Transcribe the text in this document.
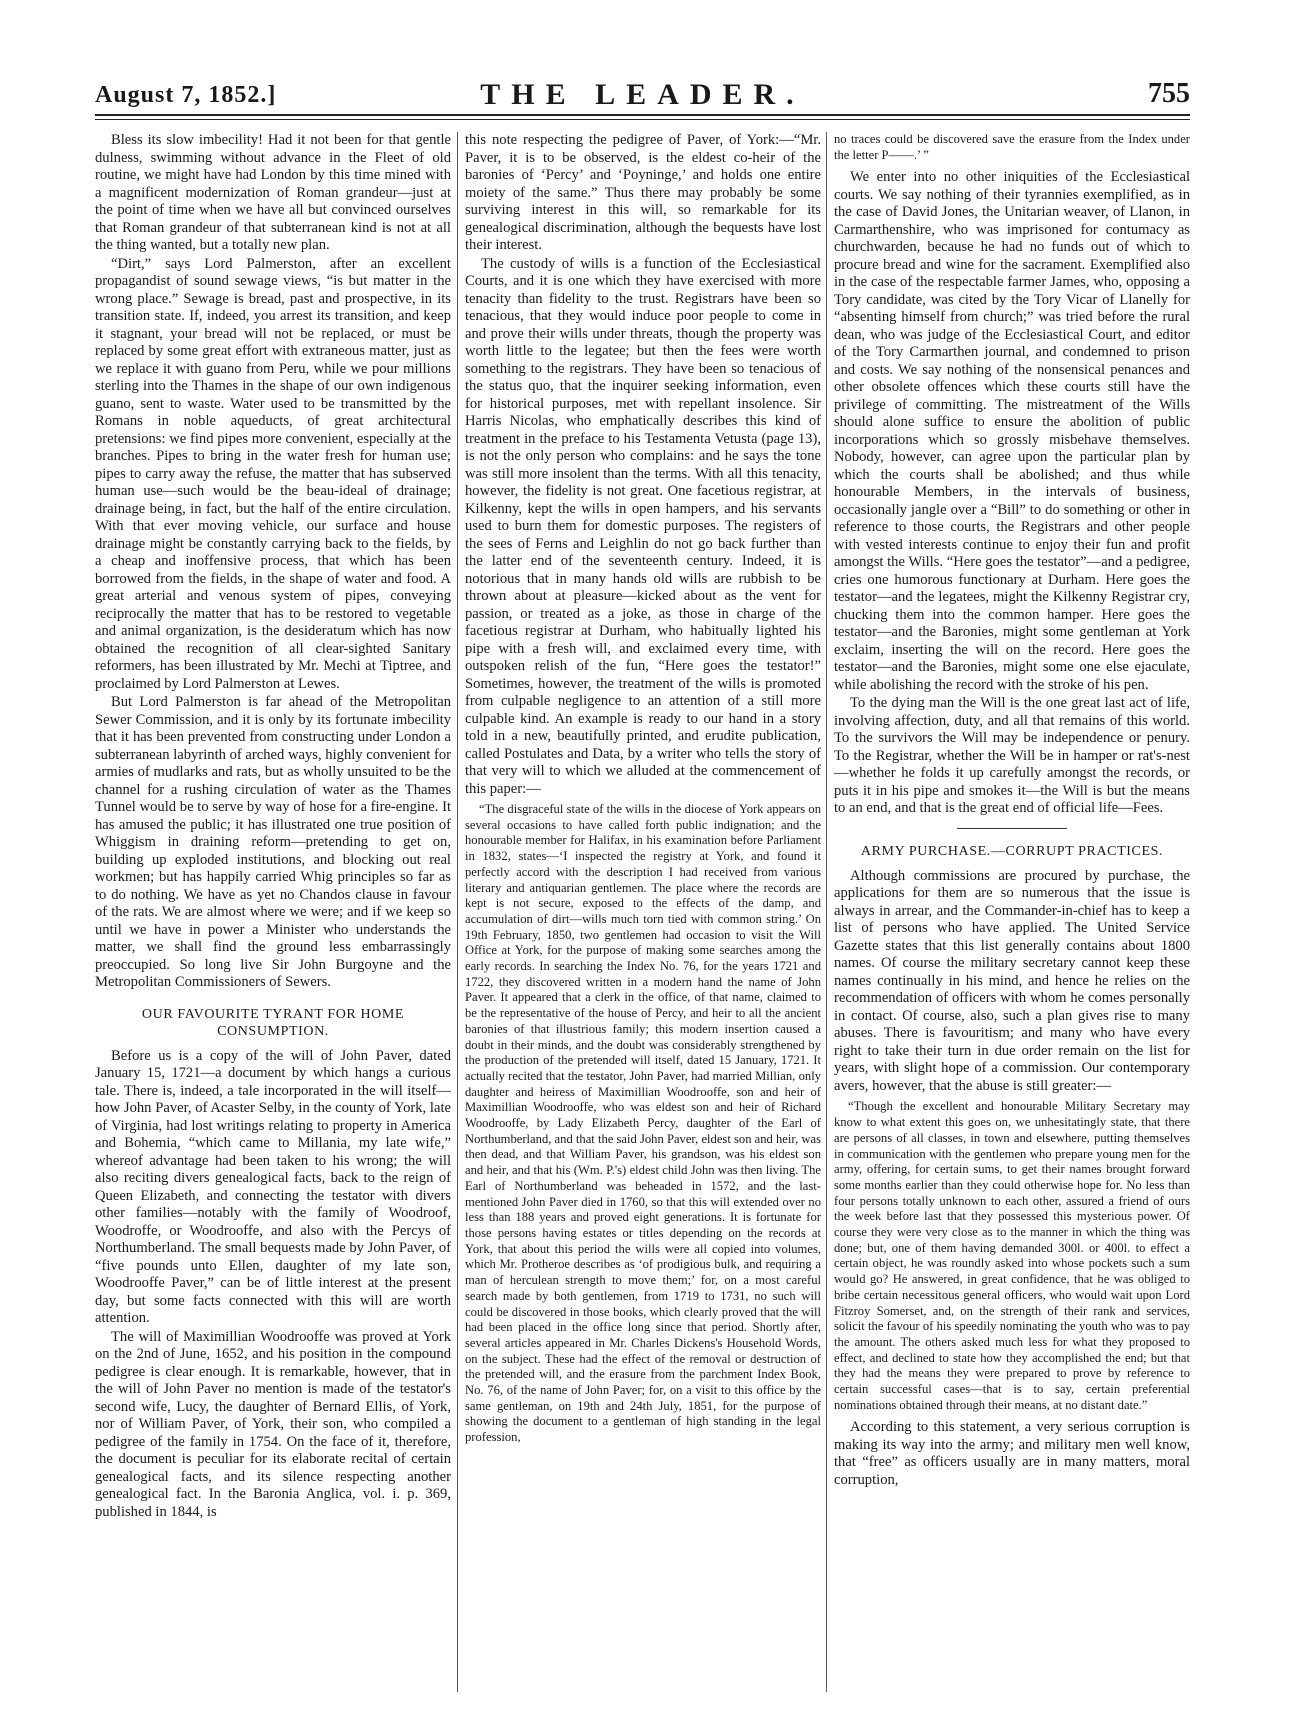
August 7, 1852.]	THE LEADER.	755

Bless its slow imbecility! Had it not been for that gentle dulness, swimming without advance in the Fleet of old routine, we might have had London by this time mined with a magnificent modernization of Roman grandeur—just at the point of time when we have all but convinced ourselves that Roman grandeur of that subterranean kind is not at all the thing wanted, but a totally new plan.

“Dirt,” says Lord Palmerston, after an excellent propagandist of sound sewage views, “is but matter in the wrong place.” Sewage is bread, past and prospective, in its transition state. If, indeed, you arrest its transition, and keep it stagnant, your bread will not be replaced, or must be replaced by some great effort with extraneous matter, just as we replace it with guano from Peru, while we pour millions sterling into the Thames in the shape of our own indigenous guano, sent to waste. Water used to be transmitted by the Romans in noble aqueducts, of great architectural pretensions: we find pipes more convenient, especially at the branches. Pipes to bring in the water fresh for human use; pipes to carry away the refuse, the matter that has subserved human use—such would be the beau-ideal of drainage; drainage being, in fact, but the half of the entire circulation. With that ever moving vehicle, our surface and house drainage might be constantly carrying back to the fields, by a cheap and inoffensive process, that which has been borrowed from the fields, in the shape of water and food. A great arterial and venous system of pipes, conveying reciprocally the matter that has to be restored to vegetable and animal organization, is the desideratum which has now obtained the recognition of all clear-sighted Sanitary reformers, has been illustrated by Mr. Mechi at Tiptree, and proclaimed by Lord Palmerston at Lewes.

But Lord Palmerston is far ahead of the Metropolitan Sewer Commission, and it is only by its fortunate imbecility that it has been prevented from constructing under London a subterranean labyrinth of arched ways, highly convenient for armies of mudlarks and rats, but as wholly unsuited to be the channel for a rushing circulation of water as the Thames Tunnel would be to serve by way of hose for a fire-engine. It has amused the public; it has illustrated one true position of Whiggism in draining reform—pretending to get on, building up exploded institutions, and blocking out real workmen; but has happily carried Whig principles so far as to do nothing. We have as yet no Chandos clause in favour of the rats. We are almost where we were; and if we keep so until we have in power a Minister who understands the matter, we shall find the ground less embarrassingly preoccupied. So long live Sir John Burgoyne and the Metropolitan Commissioners of Sewers.

OUR FAVOURITE TYRANT FOR HOME CONSUMPTION.

Before us is a copy of the will of John Paver, dated January 15, 1721—a document by which hangs a curious tale. There is, indeed, a tale incorporated in the will itself—how John Paver, of Acaster Selby, in the county of York, late of Virginia, had lost writings relating to property in America and Bohemia, “which came to Millania, my late wife,” whereof advantage had been taken to his wrong; the will also reciting divers genealogical facts, back to the reign of Queen Elizabeth, and connecting the testator with divers other families—notably with the family of Woodroof, Woodroffe, or Woodrooffe, and also with the Percys of Northumberland. The small bequests made by John Paver, of “five pounds unto Ellen, daughter of my late son, Woodrooffe Paver,” can be of little interest at the present day, but some facts connected with this will are worth attention.

The will of Maximillian Woodrooffe was proved at York on the 2nd of June, 1652, and his position in the compound pedigree is clear enough. It is remarkable, however, that in the will of John Paver no mention is made of the testator's second wife, Lucy, the daughter of Bernard Ellis, of York, nor of William Paver, of York, their son, who compiled a pedigree of the family in 1754. On the face of it, therefore, the document is peculiar for its elaborate recital of certain genealogical facts, and its silence respecting another genealogical fact. In the Baronia Anglica, vol. i. p. 369, published in 1844, is

this note respecting the pedigree of Paver, of York:—“Mr. Paver, it is to be observed, is the eldest co-heir of the baronies of ‘Percy’ and ‘Poyninge,’ and holds one entire moiety of the same.” Thus there may probably be some surviving interest in this will, so remarkable for its genealogical discrimination, although the bequests have lost their interest.

The custody of wills is a function of the Ecclesiastical Courts, and it is one which they have exercised with more tenacity than fidelity to the trust. Registrars have been so tenacious, that they would induce poor people to come in and prove their wills under threats, though the property was worth little to the legatee; but then the fees were worth something to the registrars. They have been so tenacious of the status quo, that the inquirer seeking information, even for historical purposes, met with repellant insolence. Sir Harris Nicolas, who emphatically describes this kind of treatment in the preface to his Testamenta Vetusta (page 13), is not the only person who complains: and he says the tone was still more insolent than the terms. With all this tenacity, however, the fidelity is not great. One facetious registrar, at Kilkenny, kept the wills in open hampers, and his servants used to burn them for domestic purposes. The registers of the sees of Ferns and Leighlin do not go back further than the latter end of the seventeenth century. Indeed, it is notorious that in many hands old wills are rubbish to be thrown about at pleasure—kicked about as the vent for passion, or treated as a joke, as those in charge of the facetious registrar at Durham, who habitually lighted his pipe with a fresh will, and exclaimed every time, with outspoken relish of the fun, “Here goes the testator!” Sometimes, however, the treatment of the wills is promoted from culpable negligence to an attention of a still more culpable kind. An example is ready to our hand in a story told in a new, beautifully printed, and erudite publication, called Postulates and Data, by a writer who tells the story of that very will to which we alluded at the commencement of this paper:—

“The disgraceful state of the wills in the diocese of York appears on several occasions to have called forth public indignation; and the honourable member for Halifax, in his examination before Parliament in 1832, states—‘I inspected the registry at York, and found it perfectly accord with the description I had received from various literary and antiquarian gentlemen. The place where the records are kept is not secure, exposed to the effects of the damp, and accumulation of dirt—wills much torn tied with common string.’ On 19th February, 1850, two gentlemen had occasion to visit the Will Office at York, for the purpose of making some searches among the early records. In searching the Index No. 76, for the years 1721 and 1722, they discovered written in a modern hand the name of John Paver. It appeared that a clerk in the office, of that name, claimed to be the representative of the house of Percy, and heir to all the ancient baronies of that illustrious family; this modern insertion caused a doubt in their minds, and the doubt was considerably strengthened by the production of the pretended will itself, dated 15 January, 1721. It actually recited that the testator, John Paver, had married Millian, only daughter and heiress of Maximillian Woodrooffe, son and heir of Maximillian Woodrooffe, who was eldest son and heir of Richard Woodrooffe, by Lady Elizabeth Percy, daughter of the Earl of Northumberland, and that the said John Paver, eldest son and heir, was then dead, and that William Paver, his grandson, was his eldest son and heir, and that his (Wm. P.'s) eldest child John was then living. The Earl of Northumberland was beheaded in 1572, and the last-mentioned John Paver died in 1760, so that this will extended over no less than 188 years and proved eight generations. It is fortunate for those persons having estates or titles depending on the records at York, that about this period the wills were all copied into volumes, which Mr. Protheroe describes as ‘of prodigious bulk, and requiring a man of herculean strength to move them;’ for, on a most careful search made by both gentlemen, from 1719 to 1731, no such will could be discovered in those books, which clearly proved that the will had been placed in the office long since that period. Shortly after, several articles appeared in Mr. Charles Dickens's Household Words, on the subject. These had the effect of the removal or destruction of the pretended will, and the erasure from the parchment Index Book, No. 76, of the name of John Paver; for, on a visit to this office by the same gentleman, on 19th and 24th July, 1851, for the purpose of showing the document to a gentleman of high standing in the legal profession,

no traces could be discovered save the erasure from the Index under the letter P——.’ ”

We enter into no other iniquities of the Ecclesiastical courts. We say nothing of their tyrannies exemplified, as in the case of David Jones, the Unitarian weaver, of Llanon, in Carmarthenshire, who was imprisoned for contumacy as churchwarden, because he had no funds out of which to procure bread and wine for the sacrament. Exemplified also in the case of the respectable farmer James, who, opposing a Tory candidate, was cited by the Tory Vicar of Llanelly for “absenting himself from church;” was tried before the rural dean, who was judge of the Ecclesiastical Court, and editor of the Tory Carmarthen journal, and condemned to prison and costs. We say nothing of the nonsensical penances and other obsolete offences which these courts still have the privilege of committing. The mistreatment of the Wills should alone suffice to ensure the abolition of public incorporations which so grossly misbehave themselves. Nobody, however, can agree upon the particular plan by which the courts shall be abolished; and thus while honourable Members, in the intervals of business, occasionally jangle over a “Bill” to do something or other in reference to those courts, the Registrars and other people with vested interests continue to enjoy their fun and profit amongst the Wills. “Here goes the testator”—and a pedigree, cries one humorous functionary at Durham. Here goes the testator—and the legatees, might the Kilkenny Registrar cry, chucking them into the common hamper. Here goes the testator—and the Baronies, might some gentleman at York exclaim, inserting the will on the record. Here goes the testator—and the Baronies, might some one else ejaculate, while abolishing the record with the stroke of his pen.

To the dying man the Will is the one great last act of life, involving affection, duty, and all that remains of this world. To the survivors the Will may be independence or penury. To the Registrar, whether the Will be in hamper or rat's-nest—whether he folds it up carefully amongst the records, or puts it in his pipe and smokes it—the Will is but the means to an end, and that is the great end of official life—Fees.

ARMY PURCHASE.—CORRUPT PRACTICES.

Although commissions are procured by purchase, the applications for them are so numerous that the issue is always in arrear, and the Commander-in-chief has to keep a list of persons who have applied. The United Service Gazette states that this list generally contains about 1800 names. Of course the military secretary cannot keep these names continually in his mind, and hence he relies on the recommendation of officers with whom he comes personally in contact. Of course, also, such a plan gives rise to many abuses. There is favouritism; and many who have every right to take their turn in due order remain on the list for years, with slight hope of a commission. Our contemporary avers, however, that the abuse is still greater:—

“Though the excellent and honourable Military Secretary may know to what extent this goes on, we unhesitatingly state, that there are persons of all classes, in town and elsewhere, putting themselves in communication with the gentlemen who prepare young men for the army, offering, for certain sums, to get their names brought forward some months earlier than they could otherwise hope for. No less than four persons totally unknown to each other, assured a friend of ours the week before last that they possessed this mysterious power. Of course they were very close as to the manner in which the thing was done; but, one of them having demanded 300l. or 400l. to effect a certain object, he was roundly asked into whose pockets such a sum would go? He answered, in great confidence, that he was obliged to bribe certain necessitous general officers, who would wait upon Lord Fitzroy Somerset, and, on the strength of their rank and services, solicit the favour of his speedily nominating the youth who was to pay the amount. The others asked much less for what they proposed to effect, and declined to state how they accomplished the end; but that they had the means they were prepared to prove by reference to certain successful cases—that is to say, certain preferential nominations obtained through their means, at no distant date.”

According to this statement, a very serious corruption is making its way into the army; and military men well know, that “free” as officers usually are in many matters, moral corruption,
